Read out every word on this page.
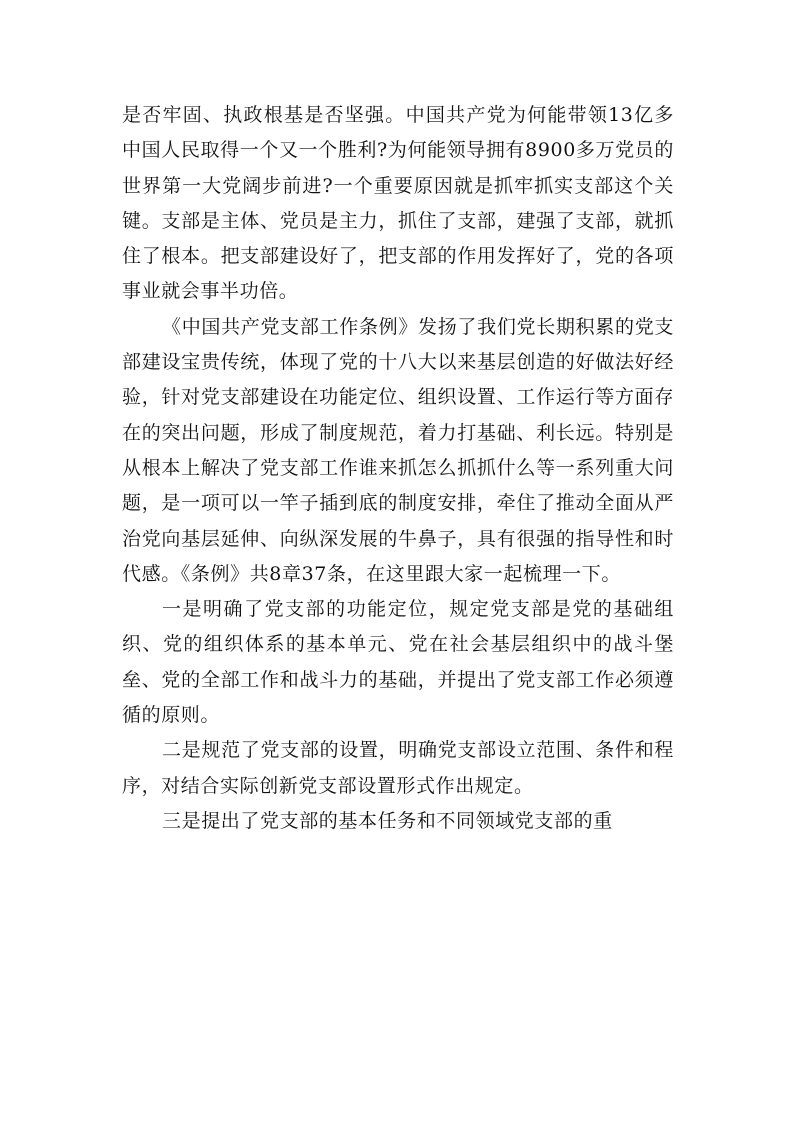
是否牢固、执政根基是否坚强。中国共产党为何能带领13亿多中国人民取得一个又一个胜利?为何能领导拥有8900多万党员的世界第一大党阔步前进?一个重要原因就是抓牢抓实支部这个关键。支部是主体、党员是主力，抓住了支部，建强了支部，就抓住了根本。把支部建设好了，把支部的作用发挥好了，党的各项事业就会事半功倍。

《中国共产党支部工作条例》发扬了我们党长期积累的党支部建设宝贵传统，体现了党的十八大以来基层创造的好做法好经验，针对党支部建设在功能定位、组织设置、工作运行等方面存在的突出问题，形成了制度规范，着力打基础、利长远。特别是从根本上解决了党支部工作谁来抓怎么抓抓什么等一系列重大问题，是一项可以一竿子插到底的制度安排，牵住了推动全面从严治党向基层延伸、向纵深发展的牛鼻子，具有很强的指导性和时代感。《条例》共8章37条，在这里跟大家一起梳理一下。

一是明确了党支部的功能定位，规定党支部是党的基础组织、党的组织体系的基本单元、党在社会基层组织中的战斗堡垒、党的全部工作和战斗力的基础，并提出了党支部工作必须遵循的原则。

二是规范了党支部的设置，明确党支部设立范围、条件和程序，对结合实际创新党支部设置形式作出规定。

三是提出了党支部的基本任务和不同领域党支部的重
